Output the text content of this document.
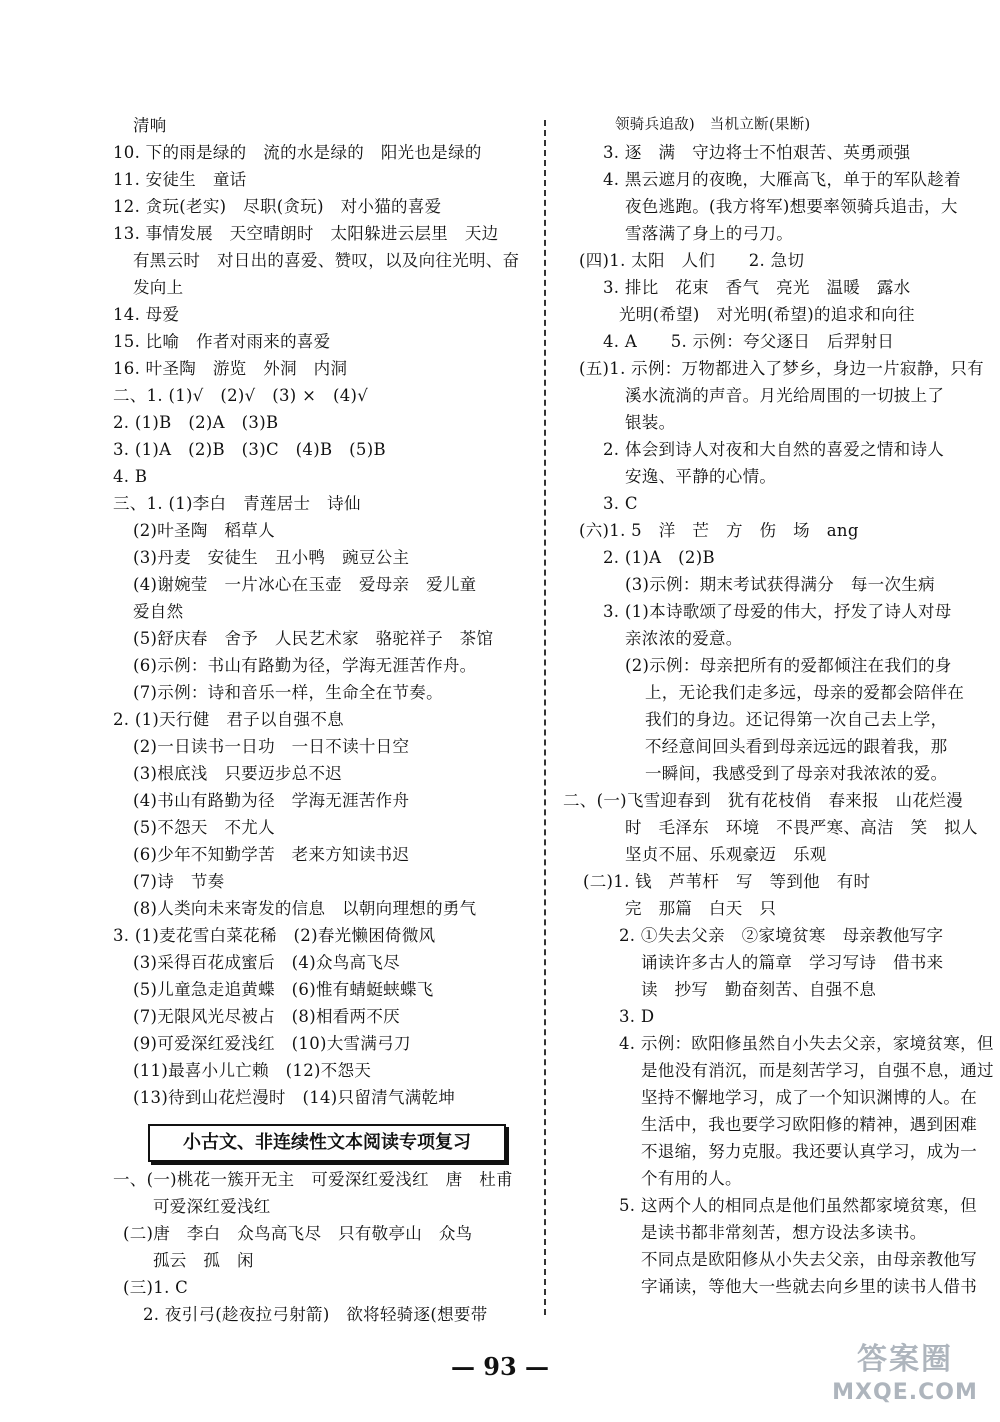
清响
10. 下的雨是绿的　流的水是绿的　阳光也是绿的
11. 安徒生　童话
12. 贪玩(老实)　尽职(贪玩)　对小猫的喜爱
13. 事情发展　天空晴朗时　太阳躲进云层里　天边
有黑云时　对日出的喜爱、赞叹，以及向往光明、奋
发向上
14. 母爱
15. 比喻　作者对雨来的喜爱
16. 叶圣陶　游览　外洞　内洞
二、1. (1)√　(2)√　(3) ×　(4)√
2. (1)B　(2)A　(3)B
3. (1)A　(2)B　(3)C　(4)B　(5)B
4. B
三、1. (1)李白　青莲居士　诗仙
(2)叶圣陶　稻草人
(3)丹麦　安徒生　丑小鸭　豌豆公主
(4)谢婉莹　一片冰心在玉壶　爱母亲　爱儿童
爱自然
(5)舒庆春　舍予　人民艺术家　骆驼祥子　茶馆
(6)示例：书山有路勤为径，学海无涯苦作舟。
(7)示例：诗和音乐一样，生命全在节奏。
2. (1)天行健　君子以自强不息
(2)一日读书一日功　一日不读十日空
(3)根底浅　只要迈步总不迟
(4)书山有路勤为径　学海无涯苦作舟
(5)不怨天　不尤人
(6)少年不知勤学苦　老来方知读书迟
(7)诗　节奏
(8)人类向未来寄发的信息　以朝向理想的勇气
3. (1)麦花雪白菜花稀　(2)春光懒困倚微风
(3)采得百花成蜜后　(4)众鸟高飞尽
(5)儿童急走追黄蝶　(6)惟有蜻蜓蛱蝶飞
(7)无限风光尽被占　(8)相看两不厌
(9)可爱深红爱浅红　(10)大雪满弓刀
(11)最喜小儿亡赖　(12)不怨天
(13)待到山花烂漫时　(14)只留清气满乾坤
领骑兵追敌)　当机立断(果断)
3. 逐　满　守边将士不怕艰苦、英勇顽强
4. 黑云遮月的夜晚，大雁高飞，单于的军队趁着
夜色逃跑。(我方将军)想要率领骑兵追击，大
雪落满了身上的弓刀。
(四)1. 太阳　人们　　2. 急切
3. 排比　花束　香气　亮光　温暖　露水
光明(希望)　对光明(希望)的追求和向往
4. A　　5. 示例：夸父逐日　后羿射日
(五)1. 示例：万物都进入了梦乡，身边一片寂静，只有
溪水流淌的声音。月光给周围的一切披上了
银装。
2. 体会到诗人对夜和大自然的喜爱之情和诗人
安逸、平静的心情。
3. C
(六)1. 5　洋　芒　方　伤　场　ang
2. (1)A　(2)B
(3)示例：期末考试获得满分　每一次生病
3. (1)本诗歌颂了母爱的伟大，抒发了诗人对母
亲浓浓的爱意。
(2)示例：母亲把所有的爱都倾注在我们的身
上，无论我们走多远，母亲的爱都会陪伴在
我们的身边。还记得第一次自己去上学，
不经意间回头看到母亲远远的跟着我，那
一瞬间，我感受到了母亲对我浓浓的爱。
二、(一)飞雪迎春到　犹有花枝俏　春来报　山花烂漫
时　毛泽东　环境　不畏严寒、高洁　笑　拟人
坚贞不屈、乐观豪迈　乐观
(二)1. 钱　芦苇杆　写　等到他　有时
完　那篇　白天　只
2. ①失去父亲　②家境贫寒　母亲教他写字
诵读许多古人的篇章　学习写诗　借书来
读　抄写　勤奋刻苦、自强不息
3. D
4. 示例：欧阳修虽然自小失去父亲，家境贫寒，但
是他没有消沉，而是刻苦学习，自强不息，通过
坚持不懈地学习，成了一个知识渊博的人。在
生活中，我也要学习欧阳修的精神，遇到困难
不退缩，努力克服。我还要认真学习，成为一
个有用的人。
5. 这两个人的相同点是他们虽然都家境贫寒，但
是读书都非常刻苦，想方设法多读书。
不同点是欧阳修从小失去父亲，由母亲教他写
字诵读，等他大一些就去向乡里的读书人借书
小古文、非连续性文本阅读专项复习
一、(一)桃花一簇开无主　可爱深红爱浅红　唐　杜甫
可爱深红爱浅红
(二)唐　李白　众鸟高飞尽　只有敬亭山　众鸟
孤云　孤　闲
(三)1. C
2. 夜引弓(趁夜拉弓射箭)　欲将轻骑逐(想要带
— 93 —	答案圈
MXQE.COM
